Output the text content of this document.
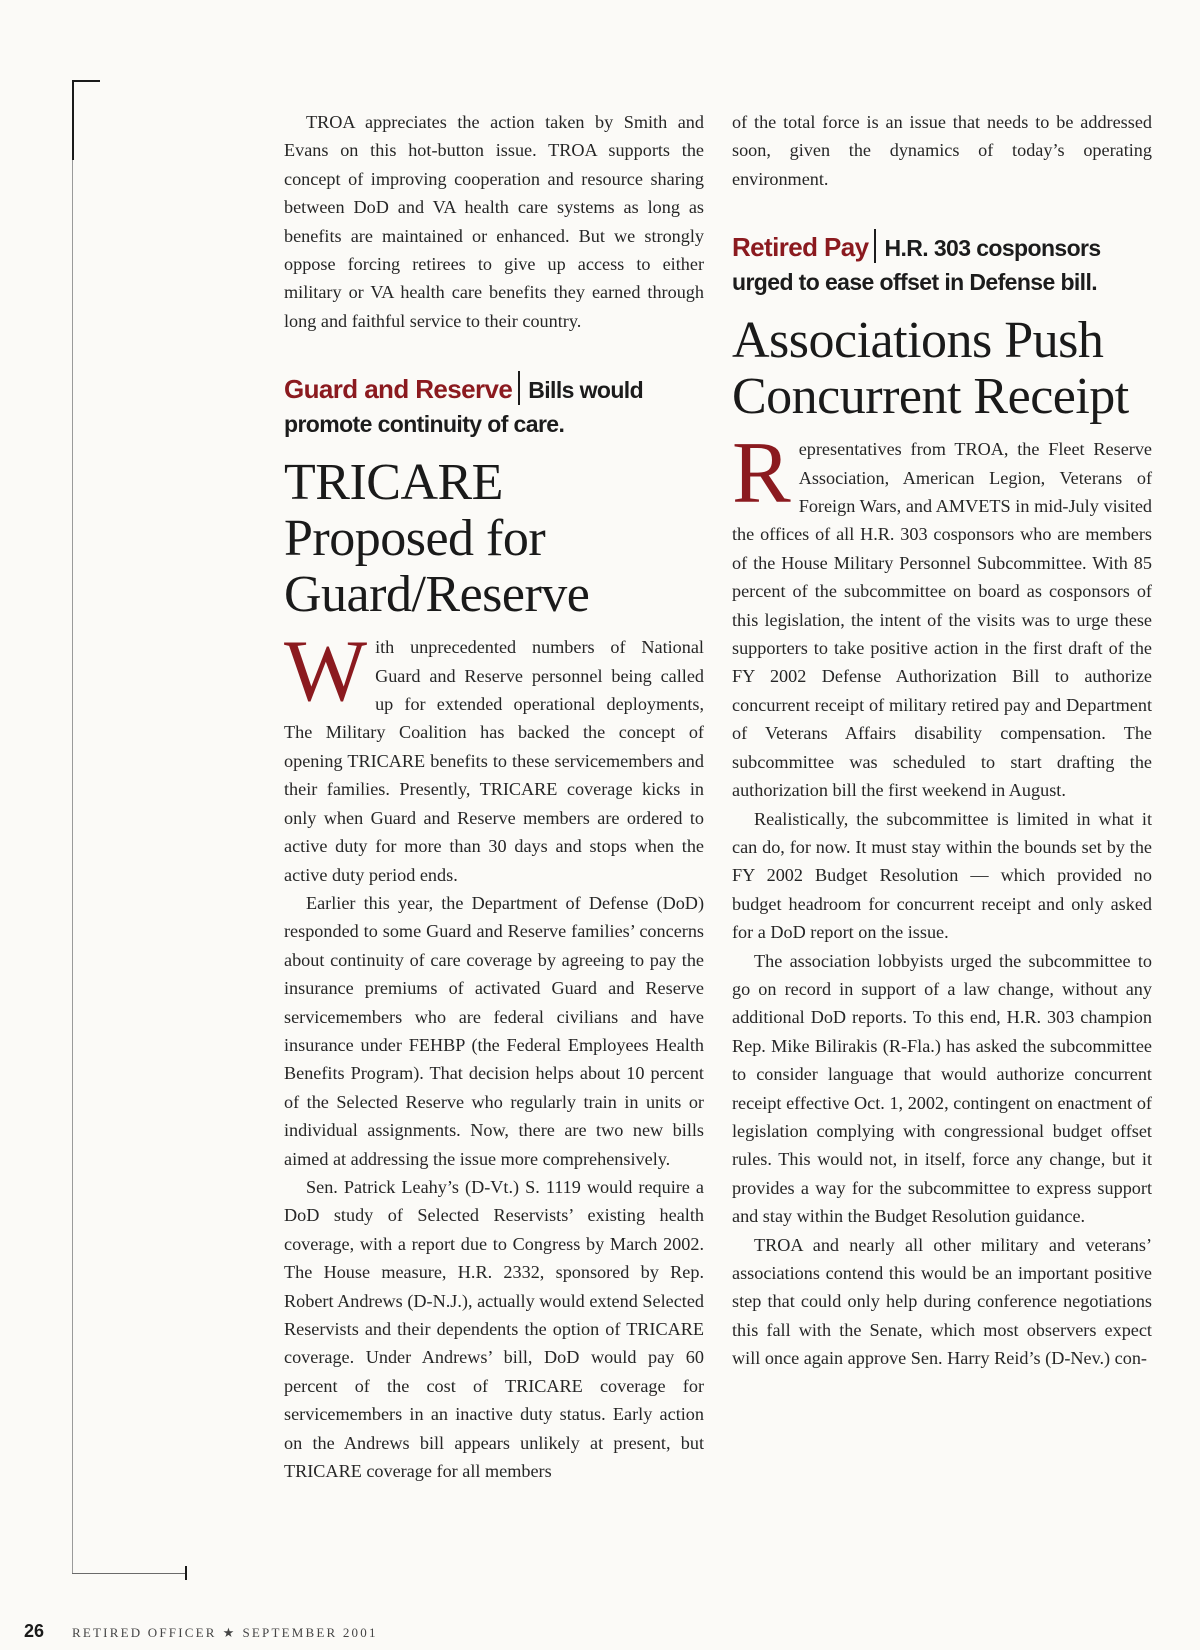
TROA appreciates the action taken by Smith and Evans on this hot-button issue. TROA supports the concept of improving cooperation and resource sharing between DoD and VA health care systems as long as benefits are maintained or enhanced. But we strongly oppose forcing retirees to give up access to either military or VA health care benefits they earned through long and faithful service to their country.

Guard and Reserve Bills would promote continuity of care.
TRICARE Proposed for Guard/Reserve

With unprecedented numbers of National Guard and Reserve personnel being called up for extended operational deployments, The Military Coalition has backed the concept of opening TRICARE benefits to these servicemembers and their families. Presently, TRICARE coverage kicks in only when Guard and Reserve members are ordered to active duty for more than 30 days and stops when the active duty period ends.

Earlier this year, the Department of Defense (DoD) responded to some Guard and Reserve families’ concerns about continuity of care coverage by agreeing to pay the insurance premiums of activated Guard and Reserve servicemembers who are federal civilians and have insurance under FEHBP (the Federal Employees Health Benefits Program). That decision helps about 10 percent of the Selected Reserve who regularly train in units or individual assignments. Now, there are two new bills aimed at addressing the issue more comprehensively.

Sen. Patrick Leahy’s (D-Vt.) S. 1119 would require a DoD study of Selected Reservists’ existing health coverage, with a report due to Congress by March 2002. The House measure, H.R. 2332, sponsored by Rep. Robert Andrews (D-N.J.), actually would extend Selected Reservists and their dependents the option of TRICARE coverage. Under Andrews’ bill, DoD would pay 60 percent of the cost of TRICARE coverage for servicemembers in an inactive duty status. Early action on the Andrews bill appears unlikely at present, but TRICARE coverage for all members

of the total force is an issue that needs to be addressed soon, given the dynamics of today’s operating environment.

Retired Pay H.R. 303 cosponsors urged to ease offset in Defense bill.
Associations Push Concurrent Receipt

Representatives from TROA, the Fleet Reserve Association, American Legion, Veterans of Foreign Wars, and AMVETS in mid-July visited the offices of all H.R. 303 cosponsors who are members of the House Military Personnel Subcommittee. With 85 percent of the subcommittee on board as cosponsors of this legislation, the intent of the visits was to urge these supporters to take positive action in the first draft of the FY 2002 Defense Authorization Bill to authorize concurrent receipt of military retired pay and Department of Veterans Affairs disability compensation. The subcommittee was scheduled to start drafting the authorization bill the first weekend in August.

Realistically, the subcommittee is limited in what it can do, for now. It must stay within the bounds set by the FY 2002 Budget Resolution — which provided no budget headroom for concurrent receipt and only asked for a DoD report on the issue.

The association lobbyists urged the subcommittee to go on record in support of a law change, without any additional DoD reports. To this end, H.R. 303 champion Rep. Mike Bilirakis (R-Fla.) has asked the subcommittee to consider language that would authorize concurrent receipt effective Oct. 1, 2002, contingent on enactment of legislation complying with congressional budget offset rules. This would not, in itself, force any change, but it provides a way for the subcommittee to express support and stay within the Budget Resolution guidance.

TROA and nearly all other military and veterans’ associations contend this would be an important positive step that could only help during conference negotiations this fall with the Senate, which most observers expect will once again approve Sen. Harry Reid’s (D-Nev.) con-

26 RETIRED OFFICER ★ SEPTEMBER 2001
